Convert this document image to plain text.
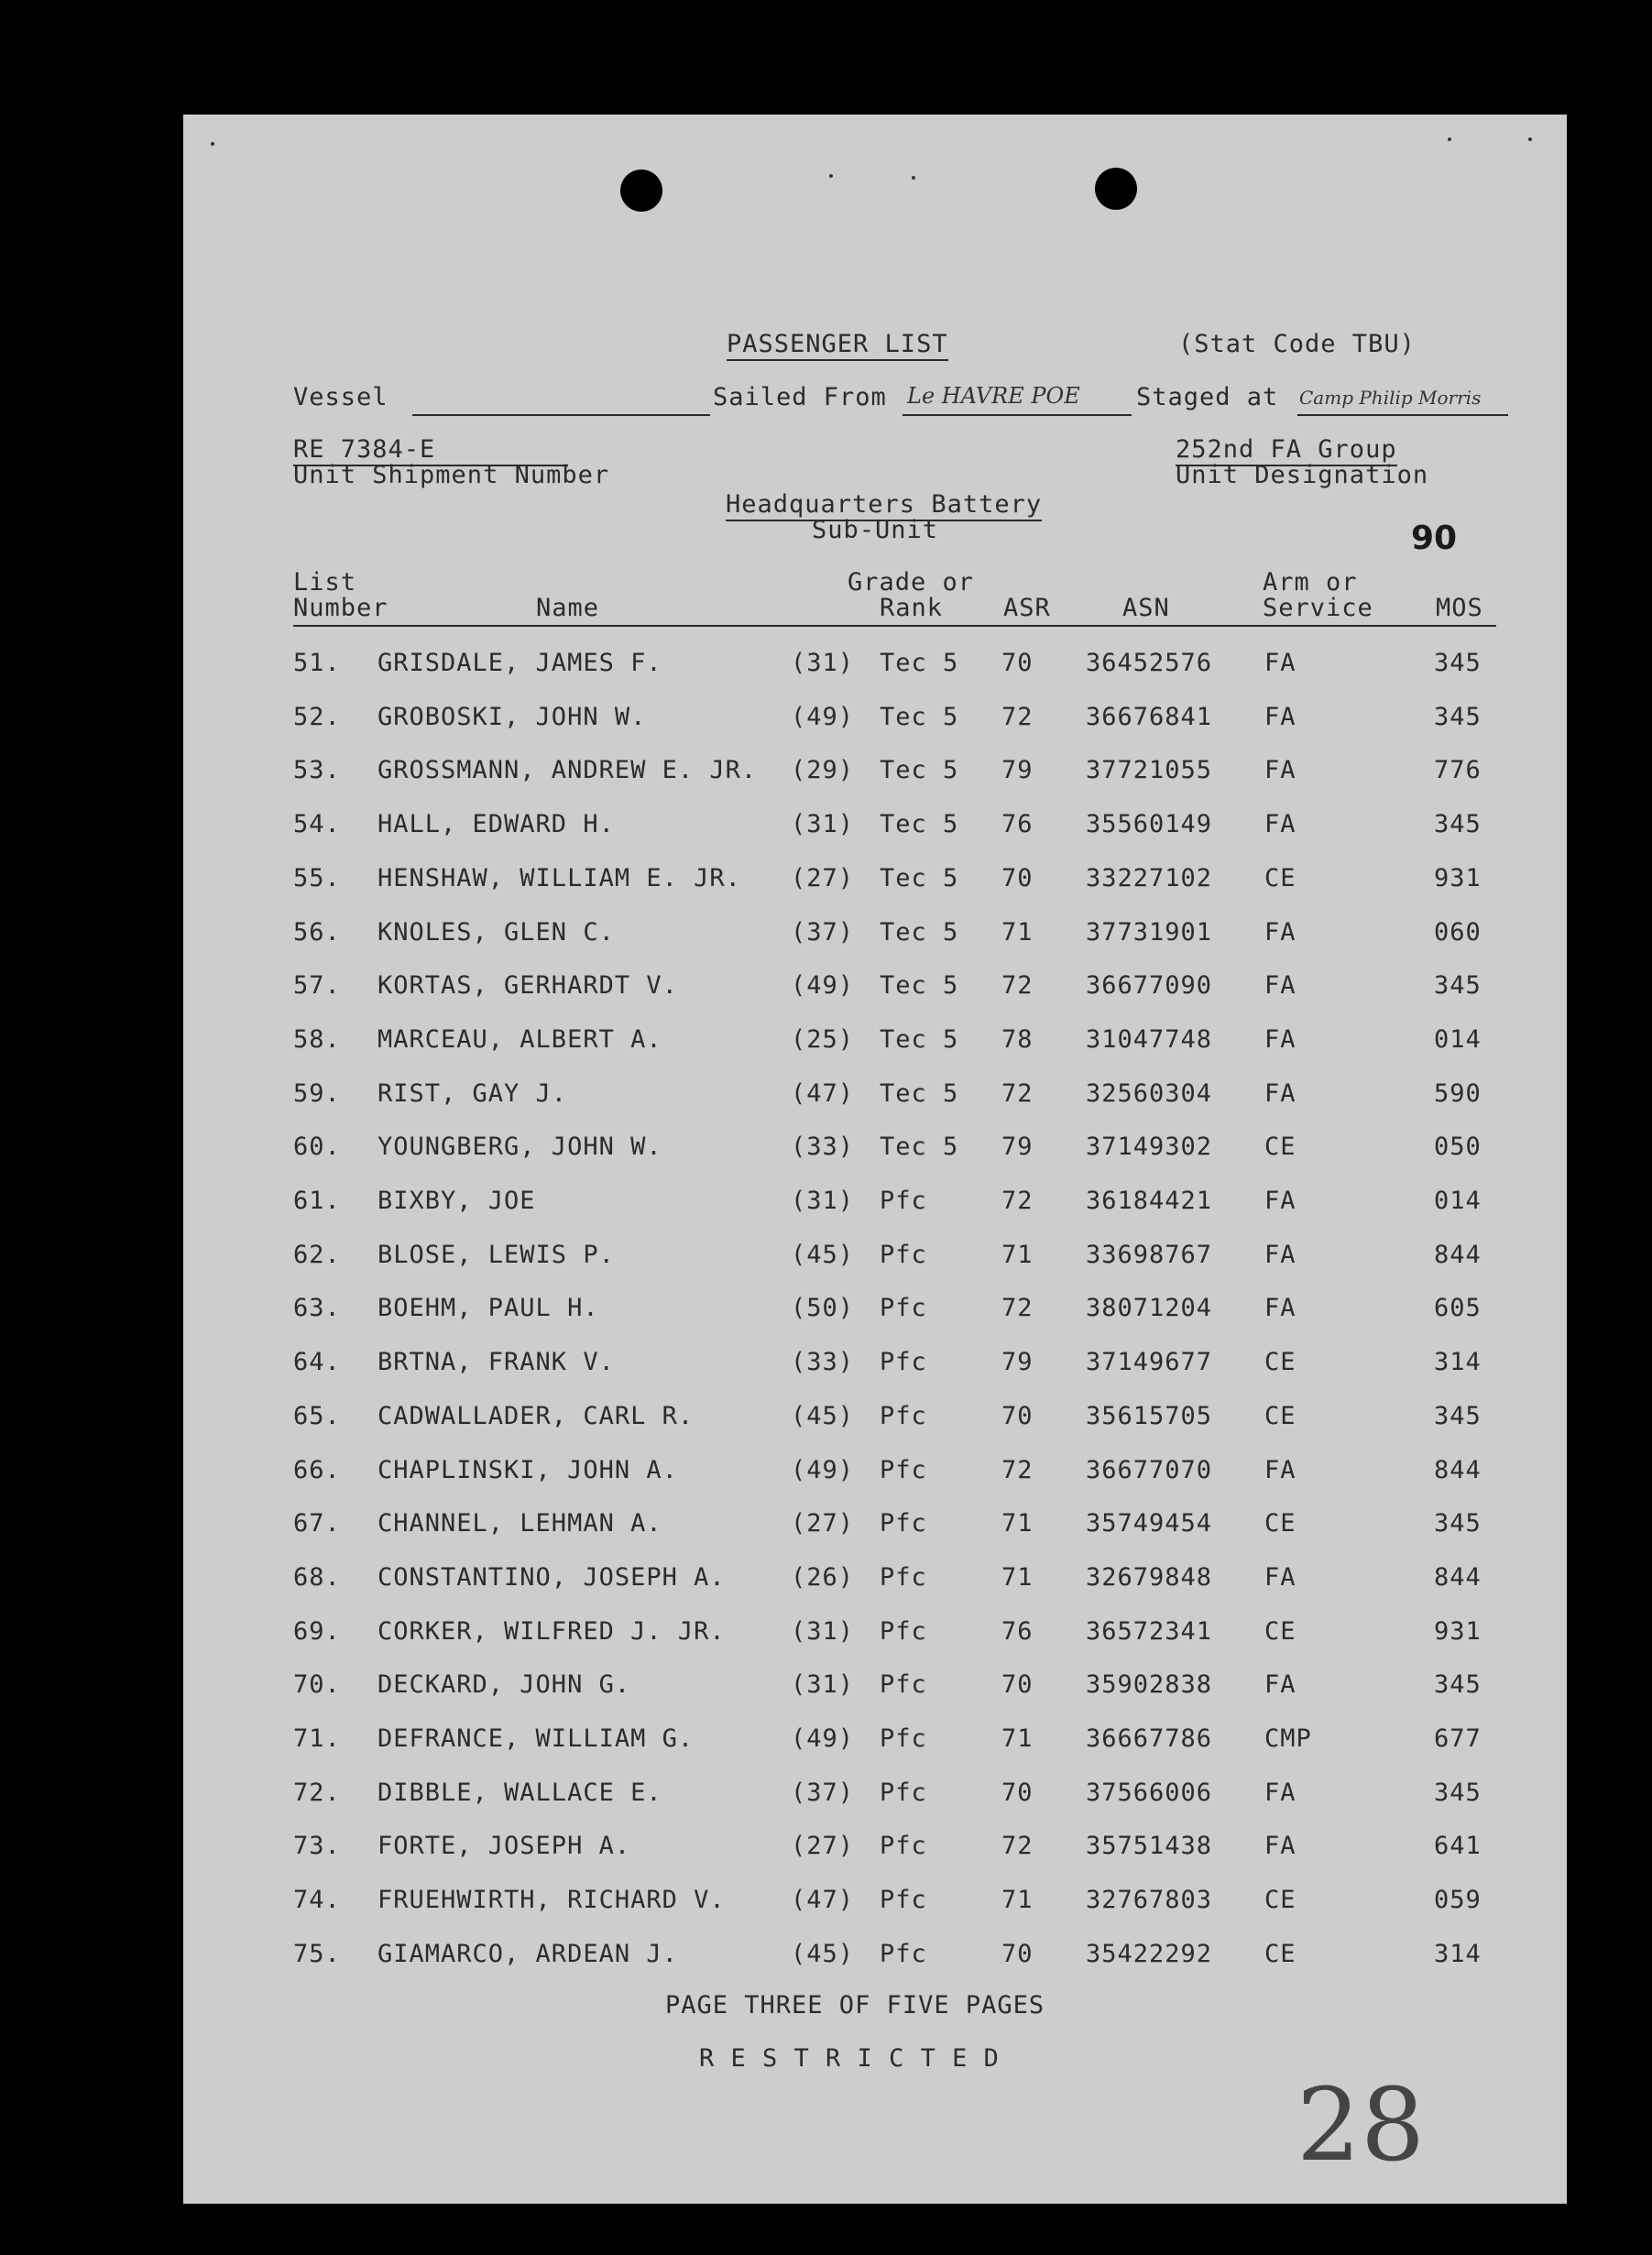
PASSENGER LIST	(Stat Code TBU)
Vessel	Sailed From Le HAVRE POE Staged at Camp Philip Morris
RE 7384-E
Unit Shipment Number
252nd FA Group
Unit Designation
Headquarters Battery
Sub-Unit	90
List
Number	Name
Grade or
Rank ASR	ASN
Arm or
Service	MOS
51. GRISDALE, JAMES F.	(31) Tec 5 70 36452576 FA	345
52. GROBOSKI, JOHN W.	(49) Tec 5 72 36676841 FA	345
53. GROSSMANN, ANDREW E. JR. (29) Tec 5 79 37721055 FA	776
54. HALL, EDWARD H.	(31) Tec 5 76 35560149 FA	345
55. HENSHAW, WILLIAM E. JR. (27) Tec 5 70 33227102 CE	931
56. KNOLES, GLEN C.	(37) Tec 5 71 37731901 FA	060
57. KORTAS, GERHARDT V.	(49) Tec 5 72 36677090 FA	345
58. MARCEAU, ALBERT A.	(25) Tec 5 78 31047748 FA	014
59. RIST, GAY J.	(47) Tec 5 72 32560304 FA	590
60. YOUNGBERG, JOHN W.	(33) Tec 5 79 37149302 CE	050
61. BIXBY, JOE	(31) Pfc	72 36184421 FA	014
62. BLOSE, LEWIS P.	(45) Pfc	71 33698767 FA	844
63. BOEHM, PAUL H.	(50) Pfc	72 38071204 FA	605
64. BRTNA, FRANK V.	(33) Pfc	79 37149677 CE	314
65. CADWALLADER, CARL R.	(45) Pfc	70 35615705 CE	345
66. CHAPLINSKI, JOHN A.	(49) Pfc	72 36677070 FA	844
67. CHANNEL, LEHMAN A.	(27) Pfc	71 35749454 CE	345
68. CONSTANTINO, JOSEPH A.	(26) Pfc	71 32679848 FA	844
69. CORKER, WILFRED J. JR.	(31) Pfc	76 36572341 CE	931
70. DECKARD, JOHN G.	(31) Pfc	70 35902838 FA	345
71. DEFRANCE, WILLIAM G.	(49) Pfc	71 36667786 CMP	677
72. DIBBLE, WALLACE E.	(37) Pfc	70 37566006 FA	345
73. FORTE, JOSEPH A.	(27) Pfc	72 35751438 FA	641
74. FRUEHWIRTH, RICHARD V.	(47) Pfc	71 32767803 CE	059
75. GIAMARCO, ARDEAN J.	(45) Pfc	70 35422292 CE	314
PAGE THREE OF FIVE PAGES
R E S T R I C T E D
28
